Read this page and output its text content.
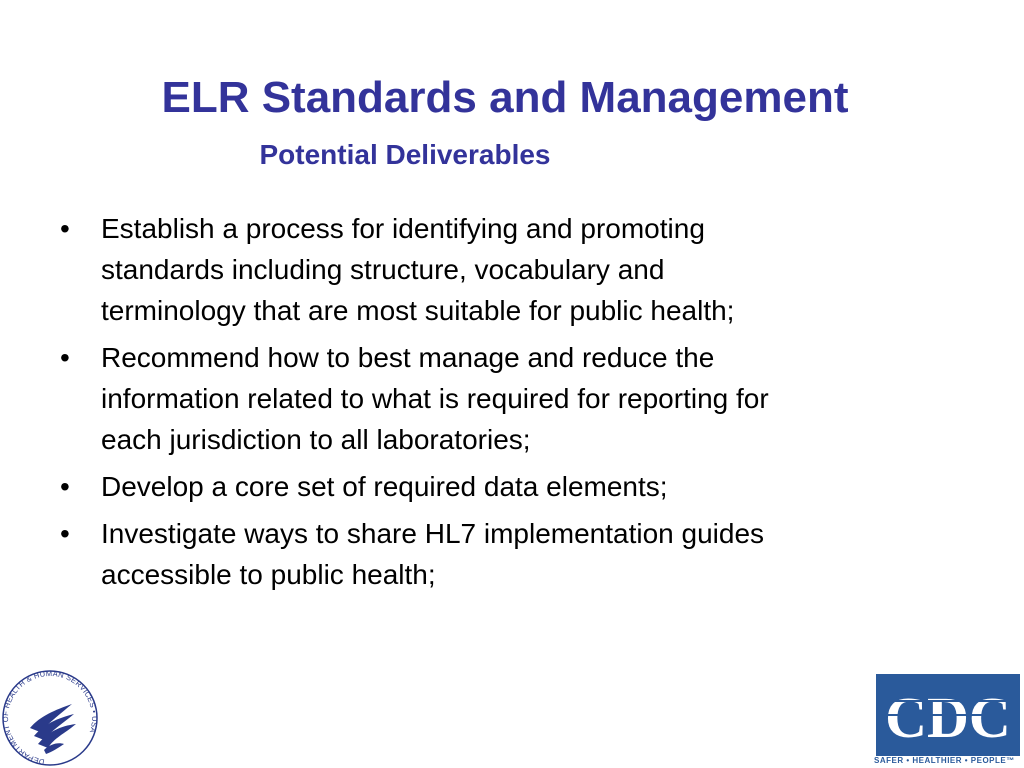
ELR Standards and Management
Potential Deliverables
• Establish a process for identifying and promoting
standards including structure, vocabulary and
terminology that are most suitable for public health;
• Recommend how to best manage and reduce the
information related to what is required for reporting for
each jurisdiction to all laboratories;
• Develop a core set of required data elements;
• Investigate ways to share HL7 implementation guides
accessible to public health;
DEPARTMENT OF HEALTH & HUMAN SERVICES • USA	CDC
SAFER • HEALTHIER • PEOPLE™
